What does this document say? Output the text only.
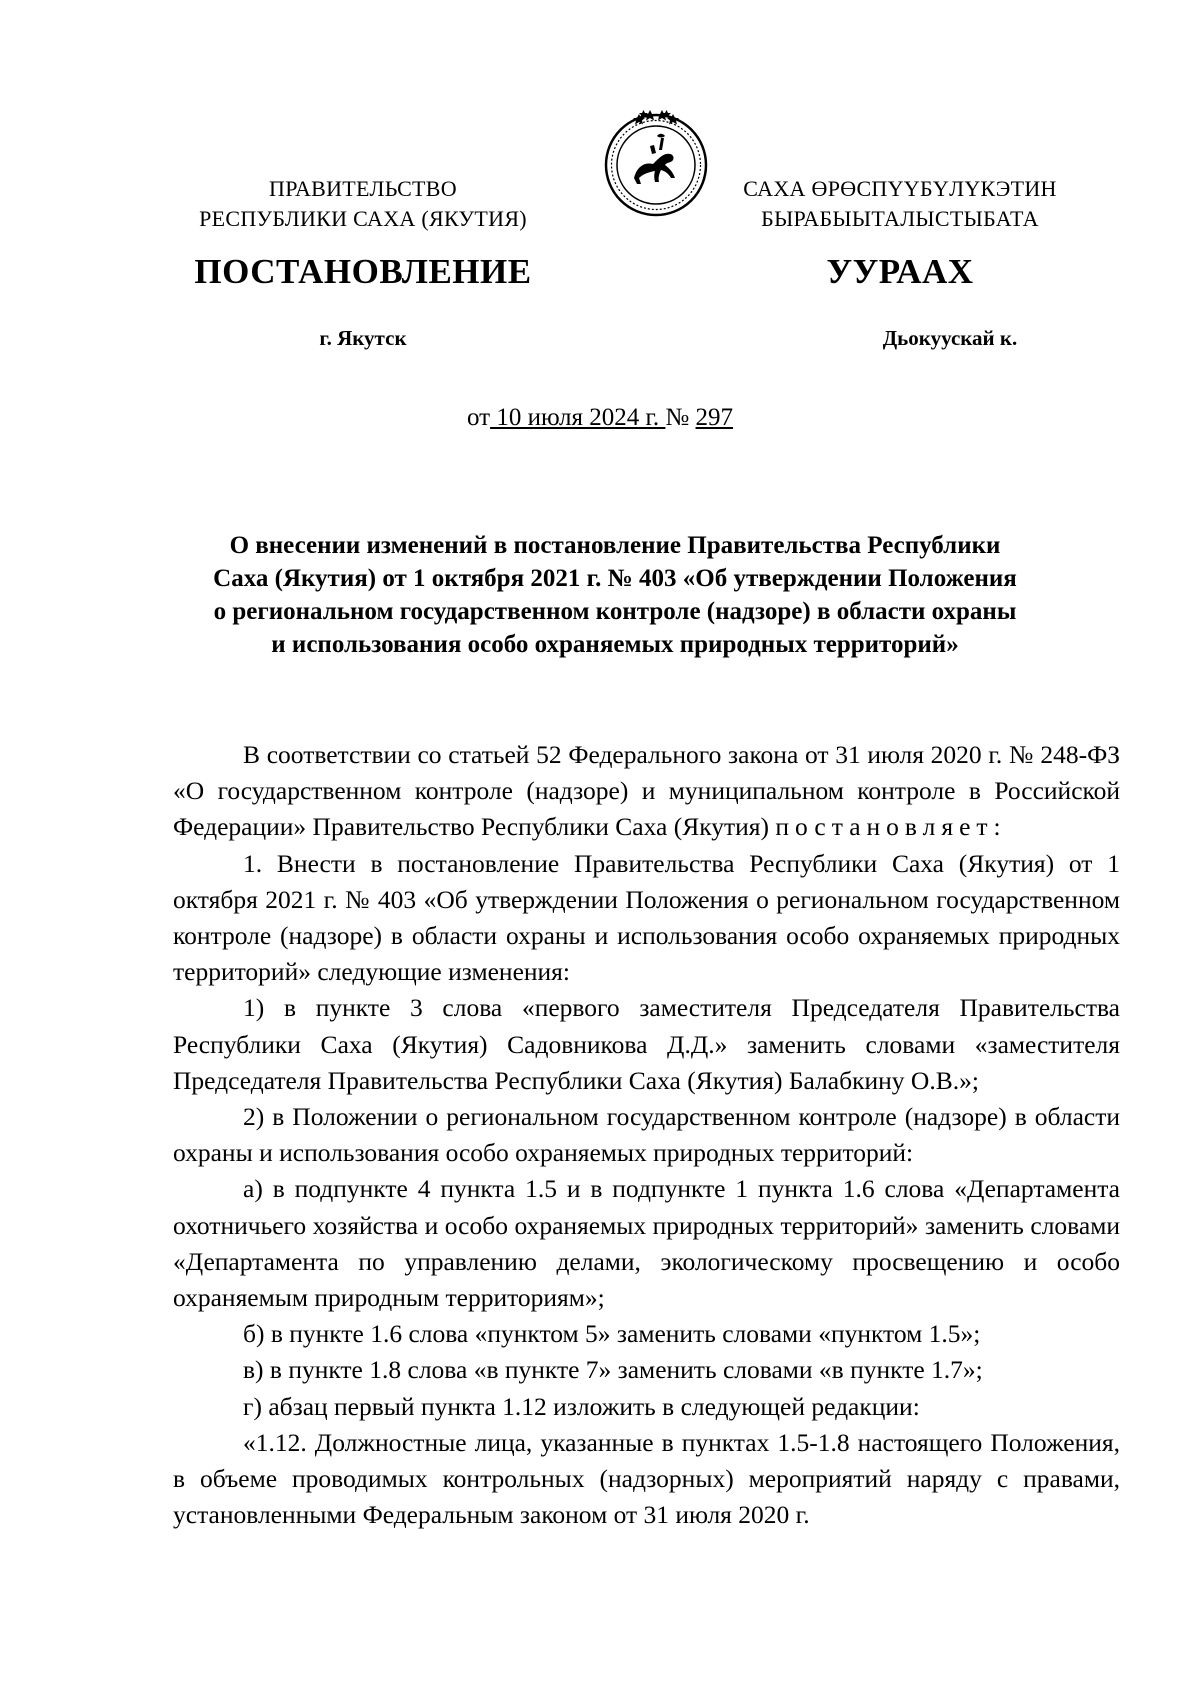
ПРАВИТЕЛЬСТВО
РЕСПУБЛИКИ САХА (ЯКУТИЯ)
САХА ӨРӨСПҮҮБҮЛҮКЭТИН
БЫРАБЫЫТАЛЫСТЫБАТА
ПОСТАНОВЛЕНИЕ	УУРААХ
г. Якутск	Дьокуускай к.
от 10 июля 2024 г. № 297
О внесении изменений в постановление Правительства Республики
Саха (Якутия) от 1 октября 2021 г. № 403 «Об утверждении Положения
о региональном государственном контроле (надзоре) в области охраны
и использования особо охраняемых природных территорий»

В соответствии со статьей 52 Федерального закона от 31 июля 2020 г. № 248-ФЗ «О государственном контроле (надзоре) и муниципальном контроле в Российской Федерации» Правительство Республики Саха (Якутия) постановляет:

1. Внести в постановление Правительства Республики Саха (Якутия) от 1 октября 2021 г. № 403 «Об утверждении Положения о региональном государственном контроле (надзоре) в области охраны и использования особо охраняемых природных территорий» следующие изменения:

1) в пункте 3 слова «первого заместителя Председателя Правительства Республики Саха (Якутия) Садовникова Д.Д.» заменить словами «заместителя Председателя Правительства Республики Саха (Якутия) Балабкину О.В.»;

2) в Положении о региональном государственном контроле (надзоре) в области охраны и использования особо охраняемых природных территорий:

а) в подпункте 4 пункта 1.5 и в подпункте 1 пункта 1.6 слова «Департамента охотничьего хозяйства и особо охраняемых природных территорий» заменить словами «Департамента по управлению делами, экологическому просвещению и особо охраняемым природным территориям»;

б) в пункте 1.6 слова «пунктом 5» заменить словами «пунктом 1.5»;

в) в пункте 1.8 слова «в пункте 7» заменить словами «в пункте 1.7»;

г) абзац первый пункта 1.12 изложить в следующей редакции:

«1.12. Должностные лица, указанные в пунктах 1.5-1.8 настоящего Положения, в объеме проводимых контрольных (надзорных) мероприятий наряду с правами, установленными Федеральным законом от 31 июля 2020 г.
